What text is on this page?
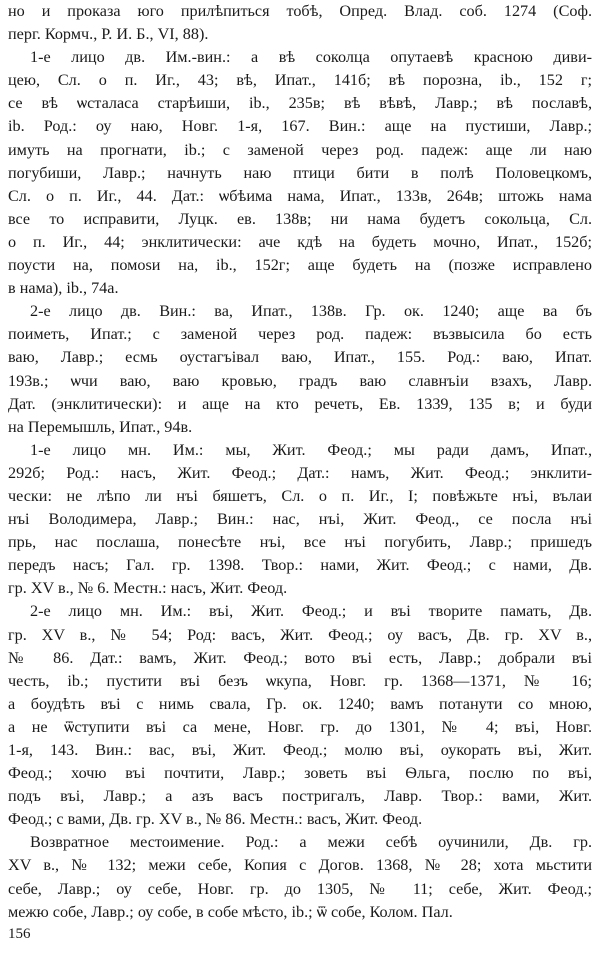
но и проказа юго прилѣпиться тобѣ, Опред. Влад. соб. 1274 (Соф.
перг. Кормч., Р. И. Б., VI, 88).
1-е лицо дв. Им.-вин.: а вѣ соколца опутаевѣ красною диви-
цею, Сл. о п. Иг., 43; вѣ, Ипат., 141б; вѣ порозна, ib., 152 г;
се вѣ ѡсталаса старѣиши, ib., 235в; вѣ вѣвѣ, Лавр.; вѣ пославѣ,
ib. Род.: оу наю, Новг. 1-я, 167. Вин.: аще на пустиши, Лавр.;
имуть на прогнати, ib.; с заменой через род. падеж: аще ли наю
погубиши, Лавр.; начнуть наю птици бити в полѣ Половецкомъ,
Сл. о п. Иг., 44. Дат.: ѡбѣима нама, Ипат., 133в, 264в; штожь нама
все то исправити, Луцк. ев. 138в; ни нама будетъ сокольца, Сл.
о п. Иг., 44; энклитически: аче кдѣ на будеть мочно, Ипат., 152б;
поусти на, помоѕи на, ib., 152г; аще будеть на (позже исправлено
в нама), ib., 74а.
2-е лицо дв. Вин.: ва, Ипат., 138в. Гр. ок. 1240; аще ва бъ
поиметь, Ипат.; с заменой через род. падеж: възвысила бо есть
ваю, Лавр.; есмь оустагъівал ваю, Ипат., 155. Род.: ваю, Ипат.
193в.; ѡчи ваю, ваю кровью, градъ ваю славнъіи взахъ, Лавр.
Дат. (энклитически): и аще на кто речеть, Ев. 1339, 135 в; и буди
на Перемышль, Ипат., 94в.
1-е лицо мн. Им.: мы, Жит. Феод.; мы ради дамъ, Ипат.,
292б; Род.: насъ, Жит. Феод.; Дат.: намъ, Жит. Феод.; энклити-
чески: не лѣпо ли нъі бяшетъ, Сл. о п. Иг., I; повѣжьте нъі, вълаи
нъі Володимера, Лавр.; Вин.: нас, нъі, Жит. Феод., се посла нъі
прь, нас послаша, понесѣте нъі, все нъі погубить, Лавр.; пришедъ
передъ насъ; Гал. гр. 1398. Твор.: нами, Жит. Феод.; с нами, Дв.
гр. XV в., № 6. Местн.: насъ, Жит. Феод.
2-е лицо мн. Им.: въі, Жит. Феод.; и въі творите памать, Дв.
гр. XV в., № 54; Род: васъ, Жит. Феод.; оу васъ, Дв. гр. XV в.,
№ 86. Дат.: вамъ, Жит. Феод.; вото въі есть, Лавр.; добрали въі
честь, ib.; пустити въі безъ ѡкупа, Новг. гр. 1368—1371, № 16;
а боудѣть въі с нимь свала, Гр. ок. 1240; вамъ потанути со мною,
а не ѿступити въі са мене, Новг. гр. до 1301, № 4; въі, Новг.
1-я, 143. Вин.: вас, въі, Жит. Феод.; молю въі, оукорать въі, Жит.
Феод.; хочю въі почтити, Лавр.; зоветь въі Ѳльга, послю по въі,
подъ въі, Лавр.; а азъ васъ постригалъ, Лавр. Твор.: вами, Жит.
Феод.; с вами, Дв. гр. XV в., № 86. Местн.: васъ, Жит. Феод.
Возвратное местоимение. Род.: а межи себѣ оучинили, Дв. гр.
XV в., № 132; межи себе, Копия с Догов. 1368, № 28; хота мьстити
себе, Лавр.; оу себе, Новг. гр. до 1305, № 11; себе, Жит. Феод.;
межю собе, Лавр.; оу собе, в собе мѣсто, ib.; ѿ собе, Колом. Пал.
156
